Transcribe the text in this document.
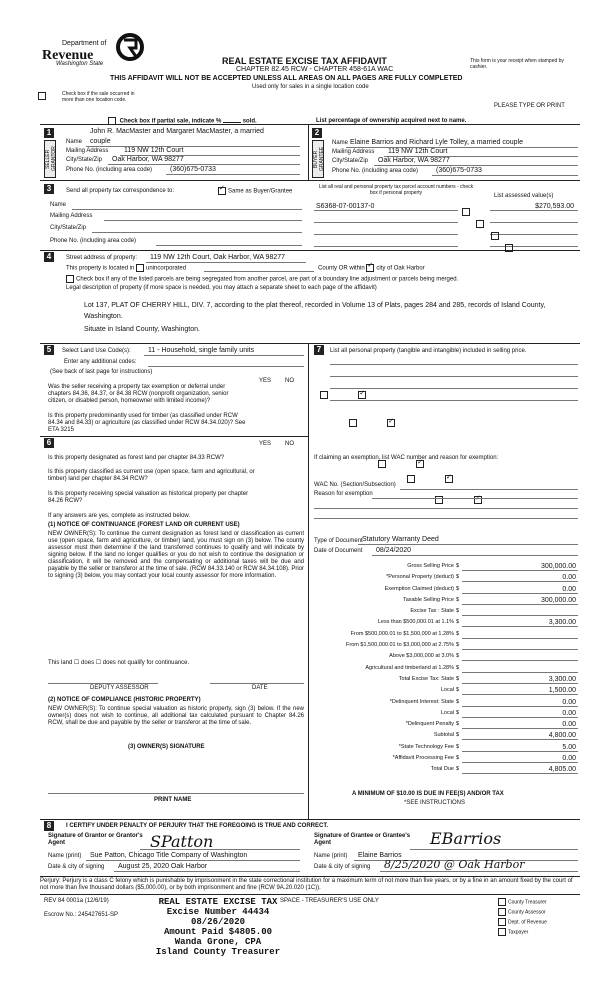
Department of
Revenue
Washington State	REAL ESTATE EXCISE TAX AFFIDAVIT
CHAPTER 82.45 RCW - CHAPTER 458-61A WAC
THIS AFFIDAVIT WILL NOT BE ACCEPTED UNLESS ALL AREAS ON ALL PAGES ARE FULLY COMPLETED
Used only for sales in a single location code
This form is your receipt when stamped by cashier.
Check box if the sale occurred in more than one location code.
PLEASE TYPE OR PRINT
Check box if partial sale, indicate %	sold.	List percentage of ownership acquired next to name.
1
SELLER GRANTOR
John R. MacMaster and Margaret MacMaster, a married
Name couple
Mailing Address 119 NW 12th Court
City/State/Zip Oak Harbor, WA 98277
Phone No. (including area code)	(360)675-0733
2
BUYER GRANTEE
Name Elaine Barrios and Richard Lyle Tolley, a married couple
Mailing Address 119 NW 12th Court
City/State/Zip Oak Harbor, WA 98277
Phone No. (including area code)	(360)675-0733
3	Send all property tax correspondence to: ✓	Same as Buyer/Grantee
Name
Mailing Address
City/State/Zip
Phone No. (including area code)
List all real and personal property tax parcel account numbers - check box if personal property	List assessed value(s)
S6368-07-00137-0	$270,593.00

4	Street address of property: 119 NW 12th Court, Oak Harbor, WA 98277
This property is located in unincorporated	County OR within ✓ city of Oak Harbor
Check box if any of the listed parcels are being segregated from another parcel, are part of a boundary line adjustment or parcels being merged.
Legal description of property (if more space is needed, you may attach a separate sheet to each page of the affidavit)
Lot 137, PLAT OF CHERRY HILL, DIV. 7, according to the plat thereof, recorded in Volume 13 of Plats, pages 284 and 285, records of Island County, Washington.
Situate in Island County, Washington.
5	Select Land Use Code(s): 11 - Household, single family units
Enter any additional codes:
(See back of last page for instructions)
YES NO
Was the seller receiving a property tax exemption or deferral under chapters 84.36, 84.37, or 84.38 RCW (nonprofit organization, senior citizen, or disabled person, homeowner with limited income)?
✓
Is this property predominantly used for timber (as classified under RCW 84.34 and 84.33) or agriculture (as classified under RCW 84.34.020)? See ETA 3215
✓
7	List all personal property (tangible and intangible) included in selling price.
6	YES NO
Is this property designated as forest land per chapter 84.33 RCW?
✓
Is this property classified as current use (open space, farm and agricultural, or timber) land per chapter 84.34 RCW?
✓
Is this property receiving special valuation as historical property per chapter 84.26 RCW?
✓
If any answers are yes, complete as instructed below.
(1) NOTICE OF CONTINUANCE (FOREST LAND OR CURRENT USE)
NEW OWNER(S): To continue the current designation as forest land or classification as current use (open space, farm and agriculture, or timber) land, you must sign on (3) below. The county assessor must then determine if the land transferred continues to qualify and will indicate by signing below. If the land no longer qualifies or you do not wish to continue the designation or classification, it will be removed and the compensating or additional taxes will be due and payable by the seller or transferor at the time of sale. (RCW 84.33.140 or RCW 84.34.108). Prior to signing (3) below, you may contact your local county assessor for more information.
This land ☐ does ☐ does not qualify for continuance.
DEPUTY ASSESSOR	DATE
(2) NOTICE OF COMPLIANCE (HISTORIC PROPERTY)
NEW OWNER(S): To continue special valuation as historic property, sign (3) below. If the new owner(s) does not wish to continue, all additional tax calculated pursuant to Chapter 84.26 RCW, shall be due and payable by the seller or transferor at the time of sale.
(3) OWNER(S) SIGNATURE
PRINT NAME
If claiming an exemption, list WAC number and reason for exemption:
WAC No. (Section/Subsection)
Reason for exemption
Type of Document Statutory Warranty Deed
Date of Document 08/24/2020
Gross Selling Price $	300,000.00
*Personal Property (deduct) $	0.00
Exemption Claimed (deduct) $	0.00
Taxable Selling Price $	300,000.00
Excise Tax : State $
Less than $500,000.01 at 1.1% $	3,300.00
From $500,000.01 to $1,500,000 at 1.28% $
From $1,500,000.01 to $3,000,000 at 2.75% $
Above $3,000,000 at 3.0% $
Agricultural and timberland at 1.28% $
Total Excise Tax: State $	3,300.00
Local $	1,500.00
*Delinquent Interest: State $	0.00
Local $	0.00
*Delinquent Penalty $	0.00
Subtotal $	4,800.00
*State Technology Fee $	5.00
*Affidavit Processing Fee $	0.00
Total Due $	4,805.00
A MINIMUM OF $10.00 IS DUE IN FEE(S) AND/OR TAX
*SEE INSTRUCTIONS
8	I CERTIFY UNDER PENALTY OF PERJURY THAT THE FOREGOING IS TRUE AND CORRECT.
Signature of Grantor or Grantor's Agent	SPatton
Name (print) Sue Patton, Chicago Title Company of Washington
Date & city of signing August 25, 2020 Oak Harbor
Signature of Grantee or Grantee's Agent	EBarrios
Name (print) Elaine Barrios
Date & city of signing 8/25/2020 @ Oak Harbor
Perjury: Perjury is a class C felony which is punishable by imprisonment in the state correctional institution for a maximum term of not more than five years, or by a fine in an amount fixed by the court of not more than five thousand dollars ($5,000.00), or by both imprisonment and fine (RCW 9A.20.020 (1C)).
REV 84 0001a (12/6/19)
Escrow No.: 245427651-SP
SPACE - TREASURER'S USE ONLY
REAL ESTATE EXCISE TAX
Excise Number 44434
08/26/2020
Amount Paid $4805.00
Wanda Grone, CPA
Island County Treasurer
County Treasurer
County Assessor
Dept. of Revenue
Taxpayer
